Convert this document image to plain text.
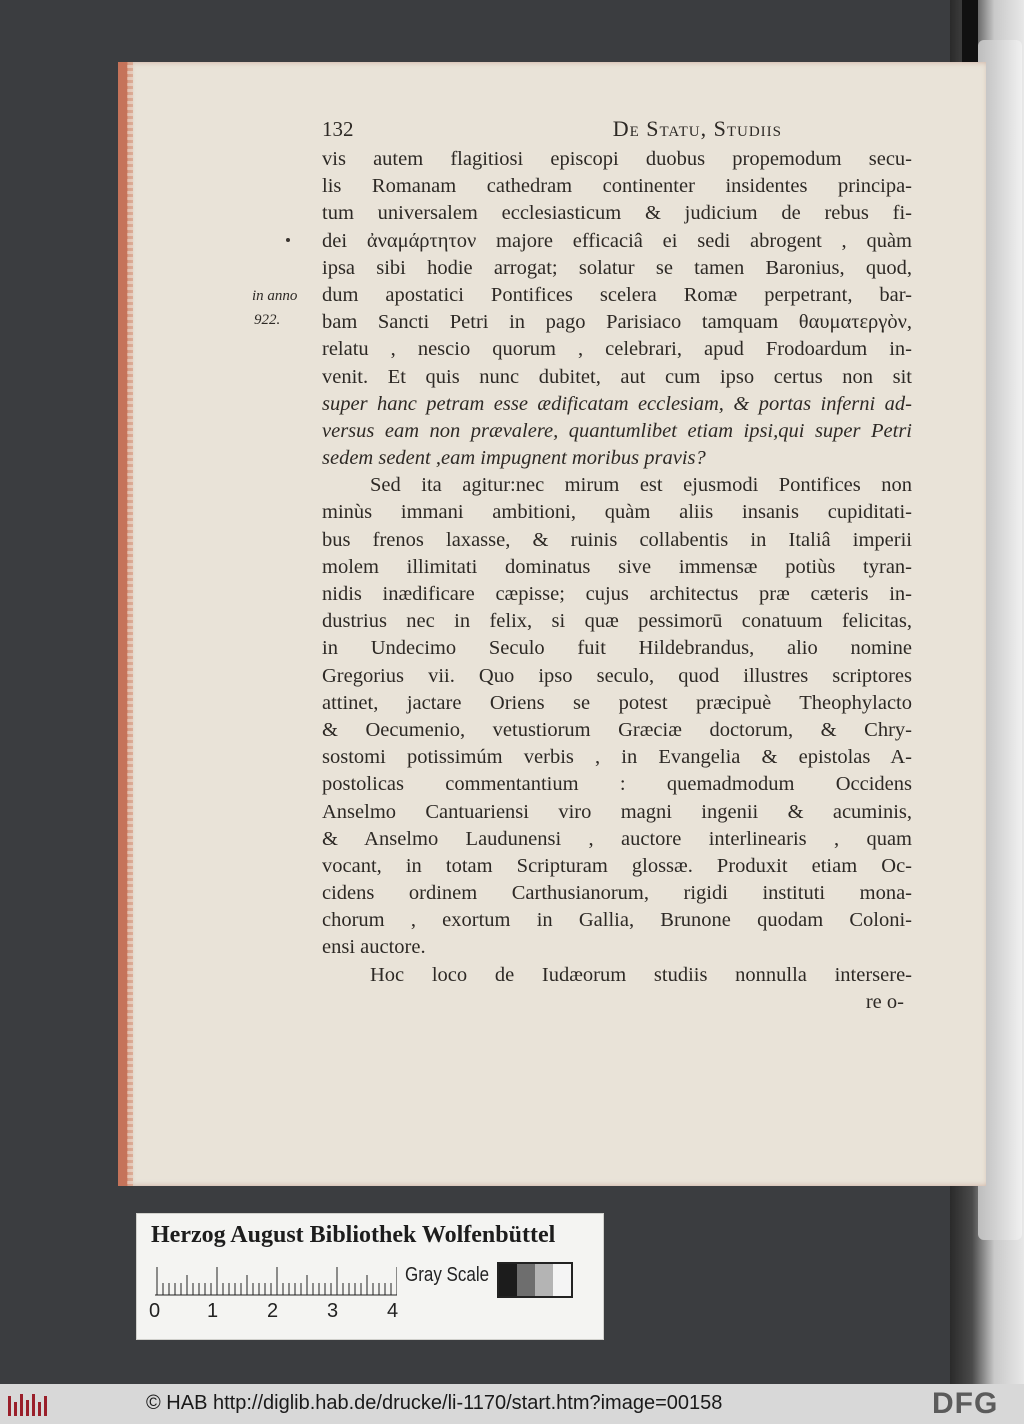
in anno
922.
132	De Statu, Studiis
vis autem flagitiosi episcopi duobus propemodum secu-
lis Romanam cathedram continenter insidentes principa-
tum universalem ecclesiasticum & judicium de rebus fi-
dei ἀναμάρτητον majore efficaciâ ei sedi abrogent , quàm
ipsa sibi hodie arrogat; solatur se tamen Baronius, quod,
dum apostatici Pontifices scelera Romæ perpetrant, bar-
bam Sancti Petri in pago Parisiaco tamquam θαυματεργὸν,
relatu , nescio quorum , celebrari, apud Frodoardum in-
venit. Et quis nunc dubitet, aut cum ipso certus non sit
super hanc petram esse ædificatam ecclesiam, & portas inferni ad-
versus eam non prævalere, quantumlibet etiam ipsi,qui super Petri
sedem sedent ,eam impugnent moribus pravis?
Sed ita agitur:nec mirum est ejusmodi Pontifices non
minùs immani ambitioni, quàm aliis insanis cupiditati-
bus frenos laxasse, & ruinis collabentis in Italiâ imperii
molem illimitati dominatus sive immensæ potiùs tyran-
nidis inædificare cæpisse; cujus architectus præ cæteris in-
dustrius nec in felix, si quæ pessimorū conatuum felicitas,
in Undecimo Seculo fuit Hildebrandus, alio nomine
Gregorius vii. Quo ipso seculo, quod illustres scriptores
attinet, jactare Oriens se potest præcipuè Theophylacto
& Oecumenio, vetustiorum Græciæ doctorum, & Chry-
sostomi potissimúm verbis , in Evangelia & epistolas A-
postolicas commentantium : quemadmodum Occidens
Anselmo Cantuariensi viro magni ingenii & acuminis,
& Anselmo Laudunensi , auctore interlinearis , quam
vocant, in totam Scripturam glossæ. Produxit etiam Oc-
cidens ordinem Carthusianorum, rigidi instituti mona-
chorum , exortum in Gallia, Brunone quodam Coloni-
ensi auctore.
Hoc loco de Iudæorum studiis nonnulla intersere-
re o-
Herzog August Bibliothek Wolfenbüttel
0 1 2 3 4
Gray Scale
© HAB http://diglib.hab.de/drucke/li-1170/start.htm?image=00158	DFG
